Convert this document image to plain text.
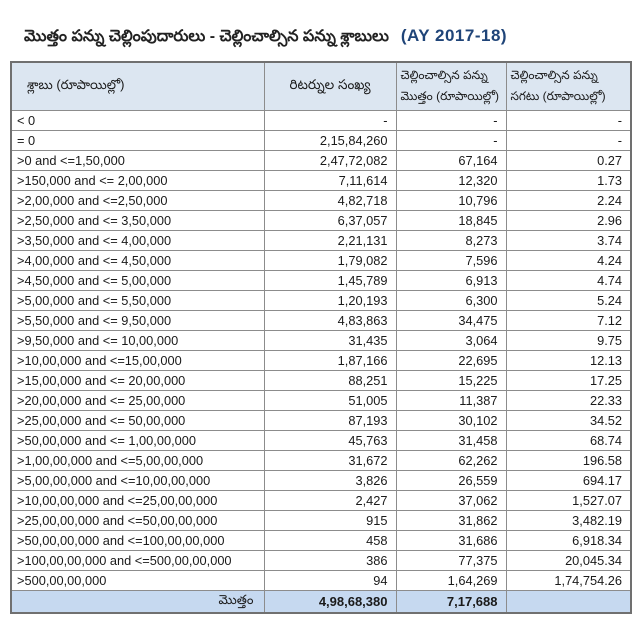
మొత్తం పన్ను చెల్లింపుదారులు - చెల్లించాల్సిన పన్ను శ్లాబులు (AY 2017-18)
శ్లాబు (రూపాయిల్లో)	రిటర్నుల సంఖ్య	చెల్లించాల్సిన పన్ను మొత్తం (రూపాయిల్లో)	చెల్లించాల్సిన పన్ను సగటు (రూపాయిల్లో)
< 0	-	-	-
= 0	2,15,84,260	-	-
>0 and <=1,50,000	2,47,72,082	67,164	0.27
>150,000 and <= 2,00,000	7,11,614	12,320	1.73
>2,00,000 and <=2,50,000	4,82,718	10,796	2.24
>2,50,000 and <= 3,50,000	6,37,057	18,845	2.96
>3,50,000 and <= 4,00,000	2,21,131	8,273	3.74
>4,00,000 and <= 4,50,000	1,79,082	7,596	4.24
>4,50,000 and <= 5,00,000	1,45,789	6,913	4.74
>5,00,000 and <= 5,50,000	1,20,193	6,300	5.24
>5,50,000 and <= 9,50,000	4,83,863	34,475	7.12
>9,50,000 and <= 10,00,000	31,435	3,064	9.75
>10,00,000 and <=15,00,000	1,87,166	22,695	12.13
>15,00,000 and <= 20,00,000	88,251	15,225	17.25
>20,00,000 and <= 25,00,000	51,005	11,387	22.33
>25,00,000 and <= 50,00,000	87,193	30,102	34.52
>50,00,000 and <= 1,00,00,000	45,763	31,458	68.74
>1,00,00,000 and <=5,00,00,000	31,672	62,262	196.58
>5,00,00,000 and <=10,00,00,000	3,826	26,559	694.17
>10,00,00,000 and <=25,00,00,000	2,427	37,062	1,527.07
>25,00,00,000 and <=50,00,00,000	915	31,862	3,482.19
>50,00,00,000 and <=100,00,00,000	458	31,686	6,918.34
>100,00,00,000 and <=500,00,00,000	386	77,375	20,045.34
>500,00,00,000	94	1,64,269	1,74,754.26
మొత్తం	4,98,68,380	7,17,688	
